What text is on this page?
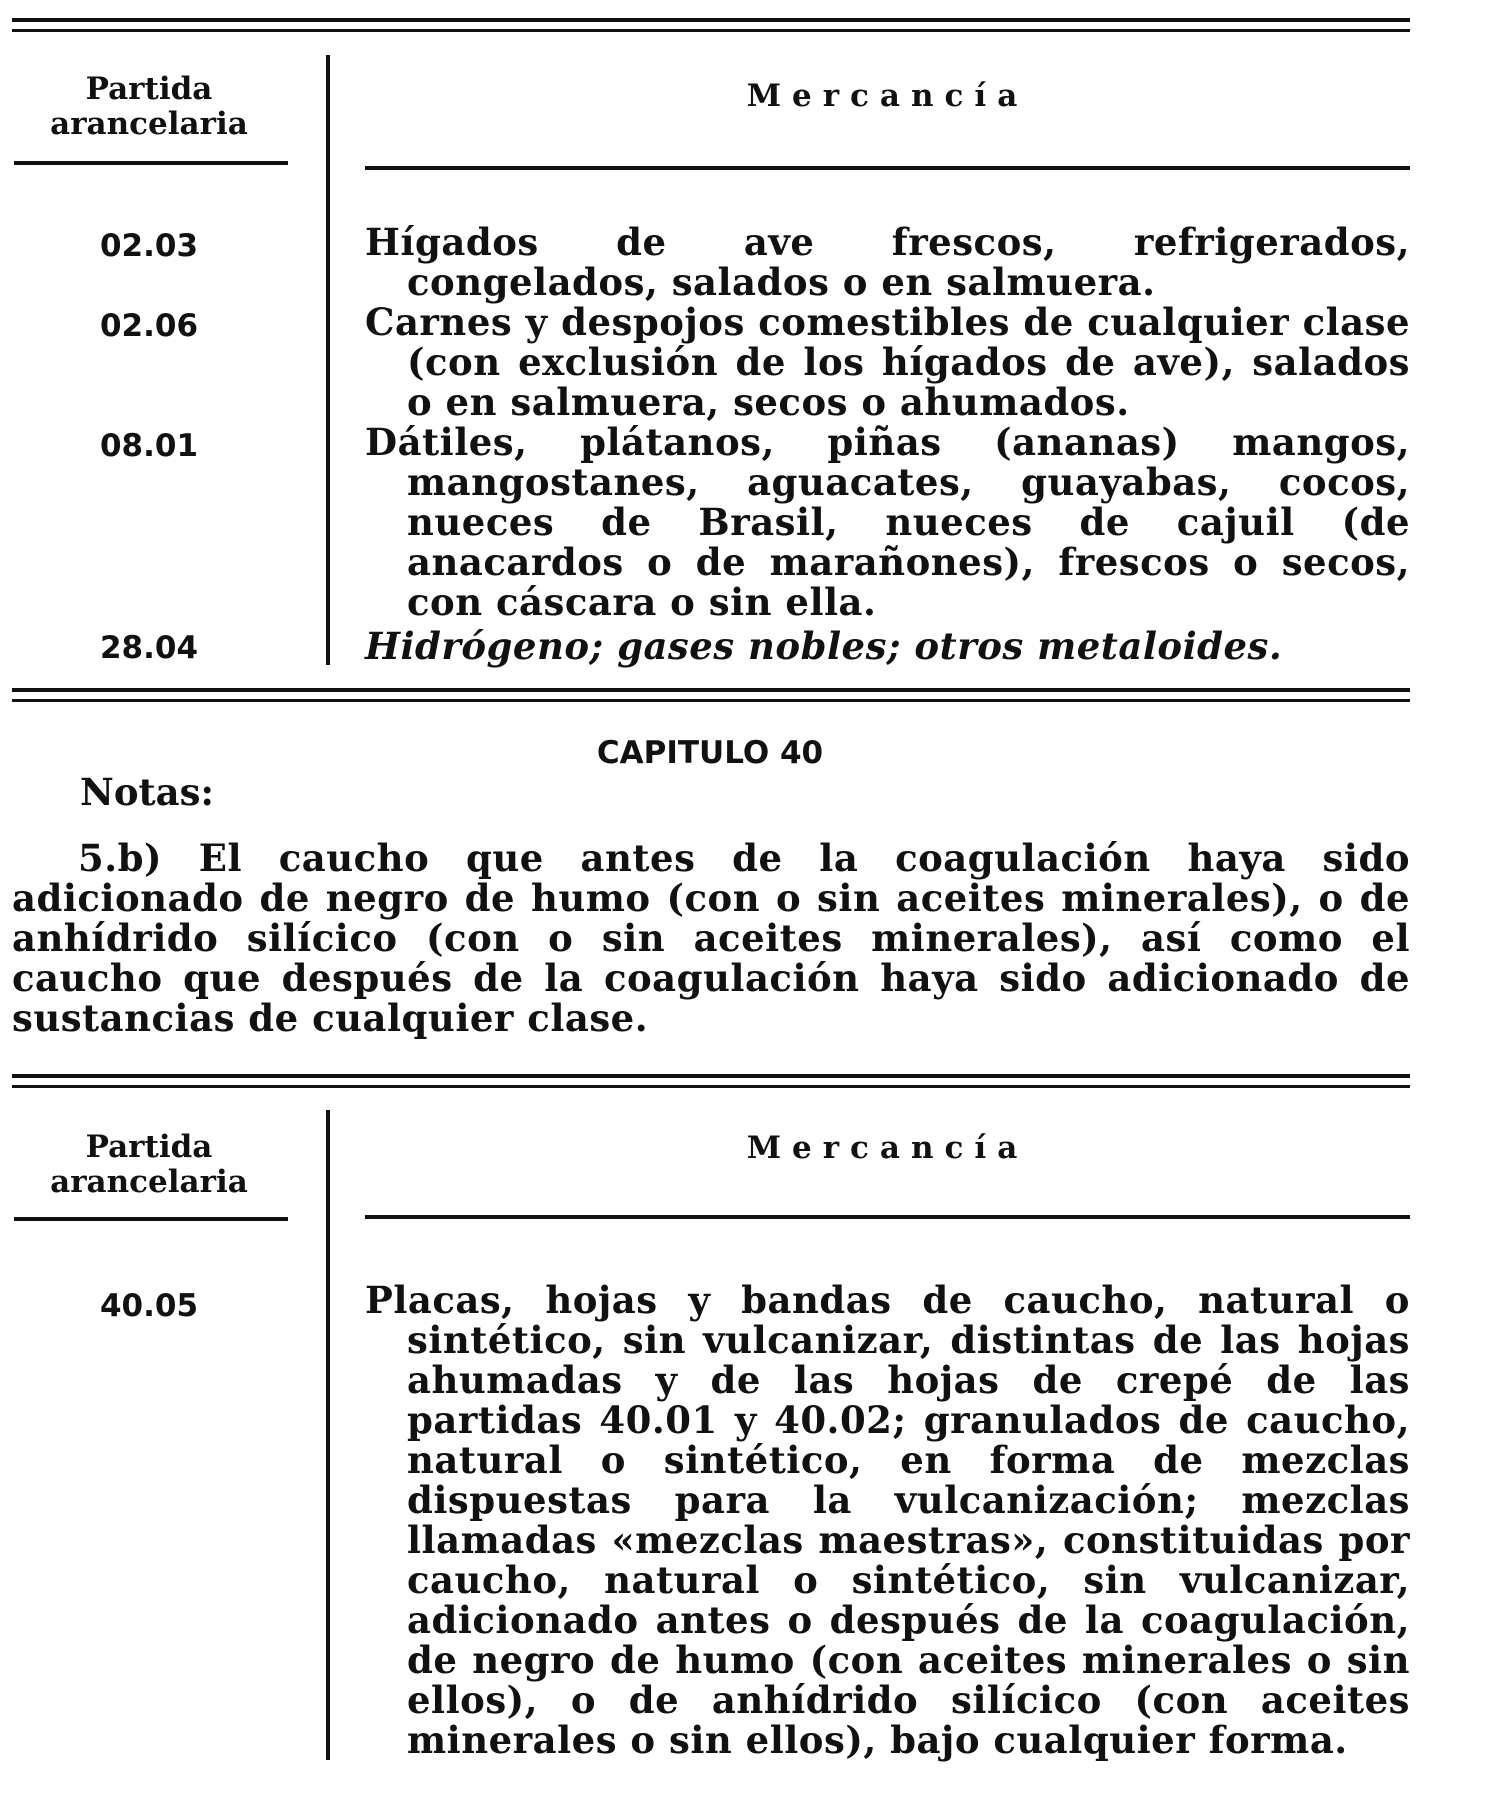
Partida
arancelaria
Mercancía
02.03	Hígados de ave frescos, refrigerados, congelados, salados o en salmuera.
02.06	Carnes y despojos comestibles de cualquier clase (con exclusión de los hígados de ave), salados o en salmuera, secos o ahumados.
08.01	Dátiles, plátanos, piñas (ananas) mangos, mangostanes, aguacates, guayabas, cocos, nueces de Brasil, nueces de cajuil (de anacardos o de marañones), frescos o secos, con cáscara o sin ella.
28.04	Hidrógeno; gases nobles; otros metaloides.
CAPITULO 40
Notas:
5.b) El caucho que antes de la coagulación haya sido adicionado de negro de humo (con o sin aceites minerales), o de anhídrido silícico (con o sin aceites minerales), así como el caucho que después de la coagulación haya sido adicionado de sustancias de cualquier clase.
Partida
arancelaria
Mercancía
40.05	Placas, hojas y bandas de caucho, natural o sintético, sin vulcanizar, distintas de las hojas ahumadas y de las hojas de crepé de las partidas 40.01 y 40.02; granulados de caucho, natural o sintético, en forma de mezclas dispuestas para la vulcanización; mezclas llamadas «mezclas maestras», constituidas por caucho, natural o sintético, sin vulcanizar, adicionado antes o después de la coagulación, de negro de humo (con aceites minerales o sin ellos), o de anhídrido silícico (con aceites minerales o sin ellos), bajo cualquier forma.
